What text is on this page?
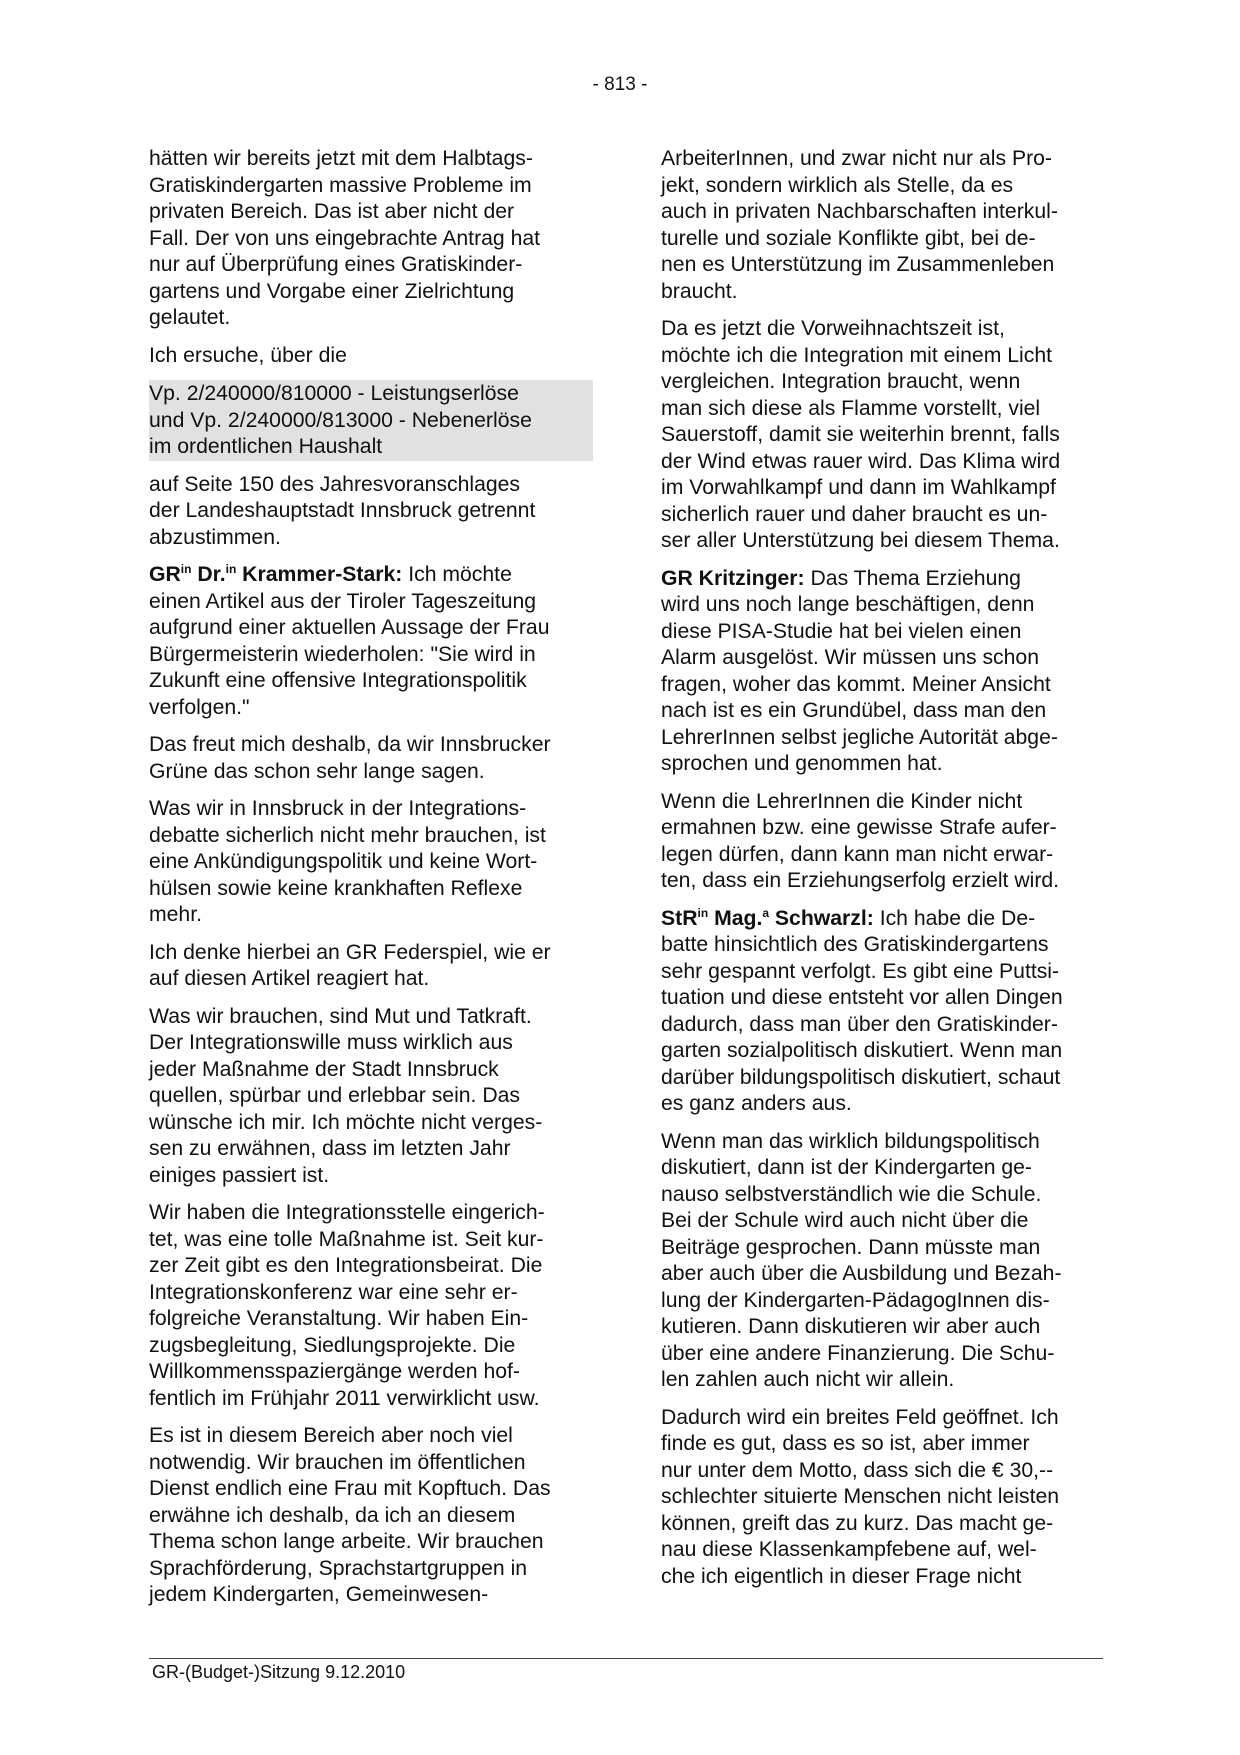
- 813 -

hätten wir bereits jetzt mit dem Halbtags-
Gratiskindergarten massive Probleme im
privaten Bereich. Das ist aber nicht der
Fall. Der von uns eingebrachte Antrag hat
nur auf Überprüfung eines Gratiskinder-
gartens und Vorgabe einer Zielrichtung
gelautet.

Ich ersuche, über die

Vp. 2/240000/810000 - Leistungserlöse
und Vp. 2/240000/813000 - Nebenerlöse
im ordentlichen Haushalt

auf Seite 150 des Jahresvoranschlages
der Landeshauptstadt Innsbruck getrennt
abzustimmen.

$GR^{in}$ Dr.$^{in}$ Krammer-Stark: Ich möchte
einen Artikel aus der Tiroler Tageszeitung
aufgrund einer aktuellen Aussage der Frau
Bürgermeisterin wiederholen: "Sie wird in
Zukunft eine offensive Integrationspolitik
verfolgen."

Das freut mich deshalb, da wir Innsbrucker
Grüne das schon sehr lange sagen.

Was wir in Innsbruck in der Integrations-
debatte sicherlich nicht mehr brauchen, ist
eine Ankündigungspolitik und keine Wort-
hülsen sowie keine krankhaften Reflexe
mehr.

Ich denke hierbei an GR Federspiel, wie er
auf diesen Artikel reagiert hat.

Was wir brauchen, sind Mut und Tatkraft.
Der Integrationswille muss wirklich aus
jeder Maßnahme der Stadt Innsbruck
quellen, spürbar und erlebbar sein. Das
wünsche ich mir. Ich möchte nicht verges-
sen zu erwähnen, dass im letzten Jahr
einiges passiert ist.

Wir haben die Integrationsstelle eingerich-
tet, was eine tolle Maßnahme ist. Seit kur-
zer Zeit gibt es den Integrationsbeirat. Die
Integrationskonferenz war eine sehr er-
folgreiche Veranstaltung. Wir haben Ein-
zugsbegleitung, Siedlungsprojekte. Die
Willkommensspaziergänge werden hof-
fentlich im Frühjahr 2011 verwirklicht usw.

Es ist in diesem Bereich aber noch viel
notwendig. Wir brauchen im öffentlichen
Dienst endlich eine Frau mit Kopftuch. Das
erwähne ich deshalb, da ich an diesem
Thema schon lange arbeite. Wir brauchen
Sprachförderung, Sprachstartgruppen in
jedem Kindergarten, Gemeinwesen-

ArbeiterInnen, und zwar nicht nur als Pro-
jekt, sondern wirklich als Stelle, da es
auch in privaten Nachbarschaften interkul-
turelle und soziale Konflikte gibt, bei de-
nen es Unterstützung im Zusammenleben
braucht.

Da es jetzt die Vorweihnachtszeit ist,
möchte ich die Integration mit einem Licht
vergleichen. Integration braucht, wenn
man sich diese als Flamme vorstellt, viel
Sauerstoff, damit sie weiterhin brennt, falls
der Wind etwas rauer wird. Das Klima wird
im Vorwahlkampf und dann im Wahlkampf
sicherlich rauer und daher braucht es un-
ser aller Unterstützung bei diesem Thema.

GR Kritzinger: Das Thema Erziehung
wird uns noch lange beschäftigen, denn
diese PISA-Studie hat bei vielen einen
Alarm ausgelöst. Wir müssen uns schon
fragen, woher das kommt. Meiner Ansicht
nach ist es ein Grundübel, dass man den
LehrerInnen selbst jegliche Autorität abge-
sprochen und genommen hat.

Wenn die LehrerInnen die Kinder nicht
ermahnen bzw. eine gewisse Strafe aufer-
legen dürfen, dann kann man nicht erwar-
ten, dass ein Erziehungserfolg erzielt wird.

StR$^{in}$ Mag.$^a$ Schwarzl: Ich habe die De-
batte hinsichtlich des Gratiskindergartens
sehr gespannt verfolgt. Es gibt eine Puttsi-
tuation und diese entsteht vor allen Dingen
dadurch, dass man über den Gratiskinder-
garten sozialpolitisch diskutiert. Wenn man
darüber bildungspolitisch diskutiert, schaut
es ganz anders aus.

Wenn man das wirklich bildungspolitisch
diskutiert, dann ist der Kindergarten ge-
nauso selbstverständlich wie die Schule.
Bei der Schule wird auch nicht über die
Beiträge gesprochen. Dann müsste man
aber auch über die Ausbildung und Bezah-
lung der Kindergarten-PädagogInnen dis-
kutieren. Dann diskutieren wir aber auch
über eine andere Finanzierung. Die Schu-
len zahlen auch nicht wir allein.

Dadurch wird ein breites Feld geöffnet. Ich
finde es gut, dass es so ist, aber immer
nur unter dem Motto, dass sich die € 30,--
schlechter situierte Menschen nicht leisten
können, greift das zu kurz. Das macht ge-
nau diese Klassenkampfebene auf, wel-
che ich eigentlich in dieser Frage nicht

GR-(Budget-)Sitzung 9.12.2010
